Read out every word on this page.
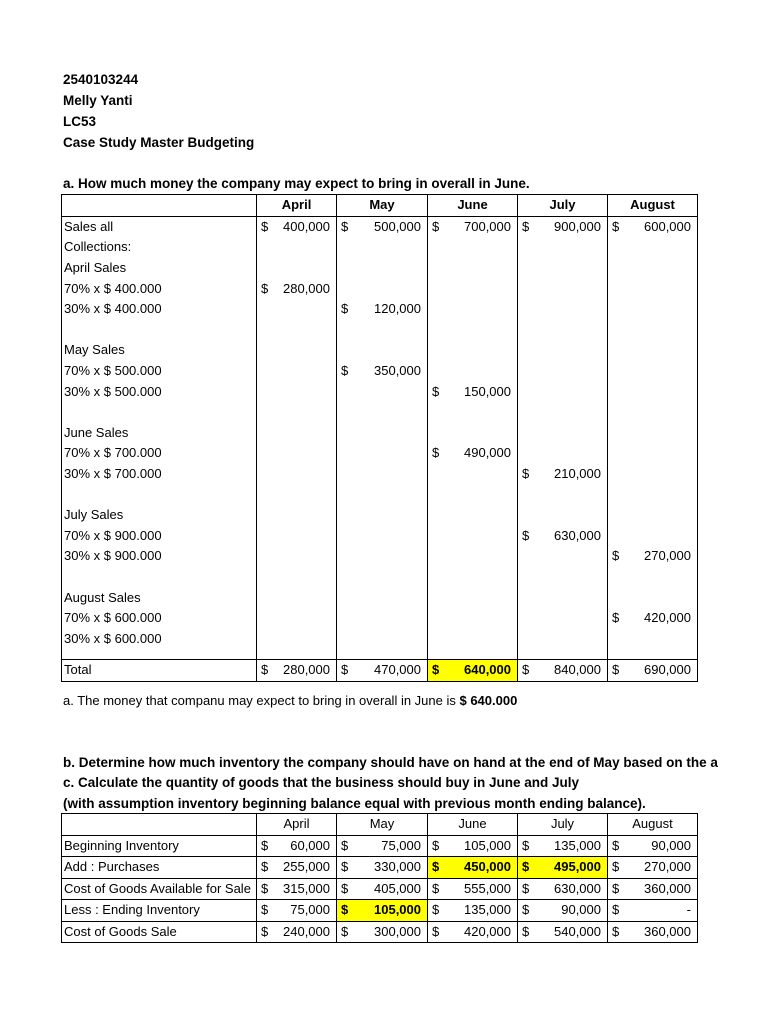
2540103244
Melly Yanti
LC53
Case Study Master Budgeting
a. How much money the company may expect to bring in overall in June.
	April	May	June	July	August
Sales all	$ 400,000	$ 500,000	$ 700,000	$ 900,000	$ 600,000

Collections:					
April Sales					
70% x $ 400.000	$ 280,000				

30% x $ 400.000		$ 120,000			

May Sales					
70% x $ 500.000		$ 350,000			

30% x $ 500.000			$ 150,000		

June Sales					
70% x $ 700.000			$ 490,000		

30% x $ 700.000				$ 210,000	

July Sales					
70% x $ 900.000				$ 630,000	

30% x $ 900.000					$ 270,000

August Sales					
70% x $ 600.000					$ 420,000

30% x $ 600.000					

Total	$ 280,000	$ 470,000	$ 640,000	$ 840,000	$ 690,000
a. The money that companu may expect to bring in overall in June is $ 640.000
b. Determine how much inventory the company should have on hand at the end of May based on the a
c. Calculate the quantity of goods that the business should buy in June and July
(with assumption inventory beginning balance equal with previous month ending balance).
	April	May	June	July	August
Beginning Inventory	$ 60,000	$ 75,000	$ 105,000	$ 135,000	$ 90,000

Add : Purchases	$ 255,000	$ 330,000	$ 450,000	$ 495,000	$ 270,000

Cost of Goods Available for Sale	$ 315,000	$ 405,000	$ 555,000	$ 630,000	$ 360,000

Less : Ending Inventory	$ 75,000	$ 105,000	$ 135,000	$ 90,000	$ -

Cost of Goods Sale	$ 240,000	$ 300,000	$ 420,000	$ 540,000	$ 360,000
